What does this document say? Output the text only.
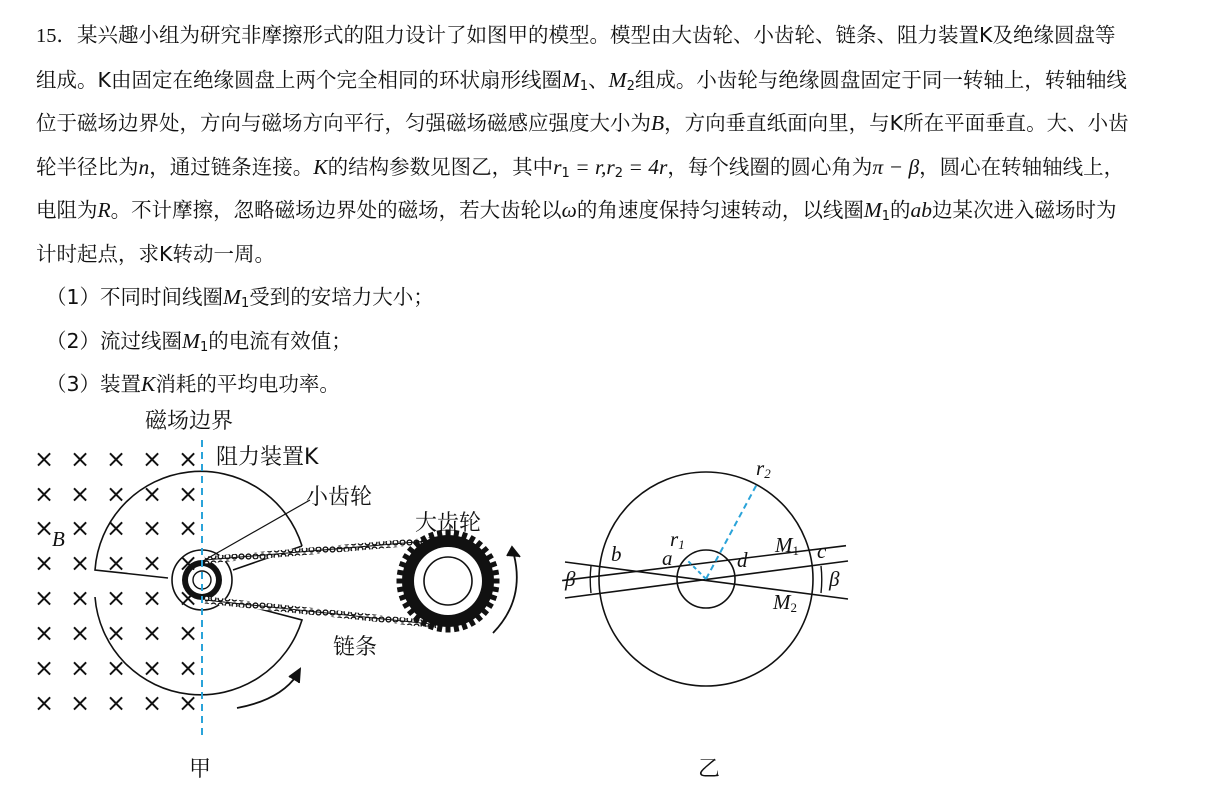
15．某兴趣小组为研究非摩擦形式的阻力设计了如图甲的模型。模型由大齿轮、小齿轮、链条、阻力装置K及绝缘圆盘等
组成。K由固定在绝缘圆盘上两个完全相同的环状扇形线圈$M_1$、$M_2$组成。小齿轮与绝缘圆盘固定于同一转轴上，转轴轴线
位于磁场边界处，方向与磁场方向平行，匀强磁场磁感应强度大小为B，方向垂直纸面向里，与K所在平面垂直。大、小齿
轮半径比为n，通过链条连接。K的结构参数见图乙，其中$r_1 = r,r_2 = 4r$，每个线圈的圆心角为π − β，圆心在转轴轴线上，
电阻为R。不计摩擦，忽略磁场边界处的磁场，若大齿轮以ω的角速度保持匀速转动，以线圈$M_1$的ab边某次进入磁场时为
计时起点，求K转动一周。
（1）不同时间线圈$M_1$受到的安培力大小；
（2）流过线圈$M_1$的电流有效值；
（3）装置K消耗的平均电功率。
× × × × ×
× × × × ×
× × × × ×
× × × × ×
× × × × ×
× × × × ×
× × × × ×
× × × × ×
磁场边界
阻力装置K
小齿轮
大齿轮
链条
B
甲
$r_2$
$r_1$
a
b	c
d
$M_1$
$M_2$
β	β
乙
